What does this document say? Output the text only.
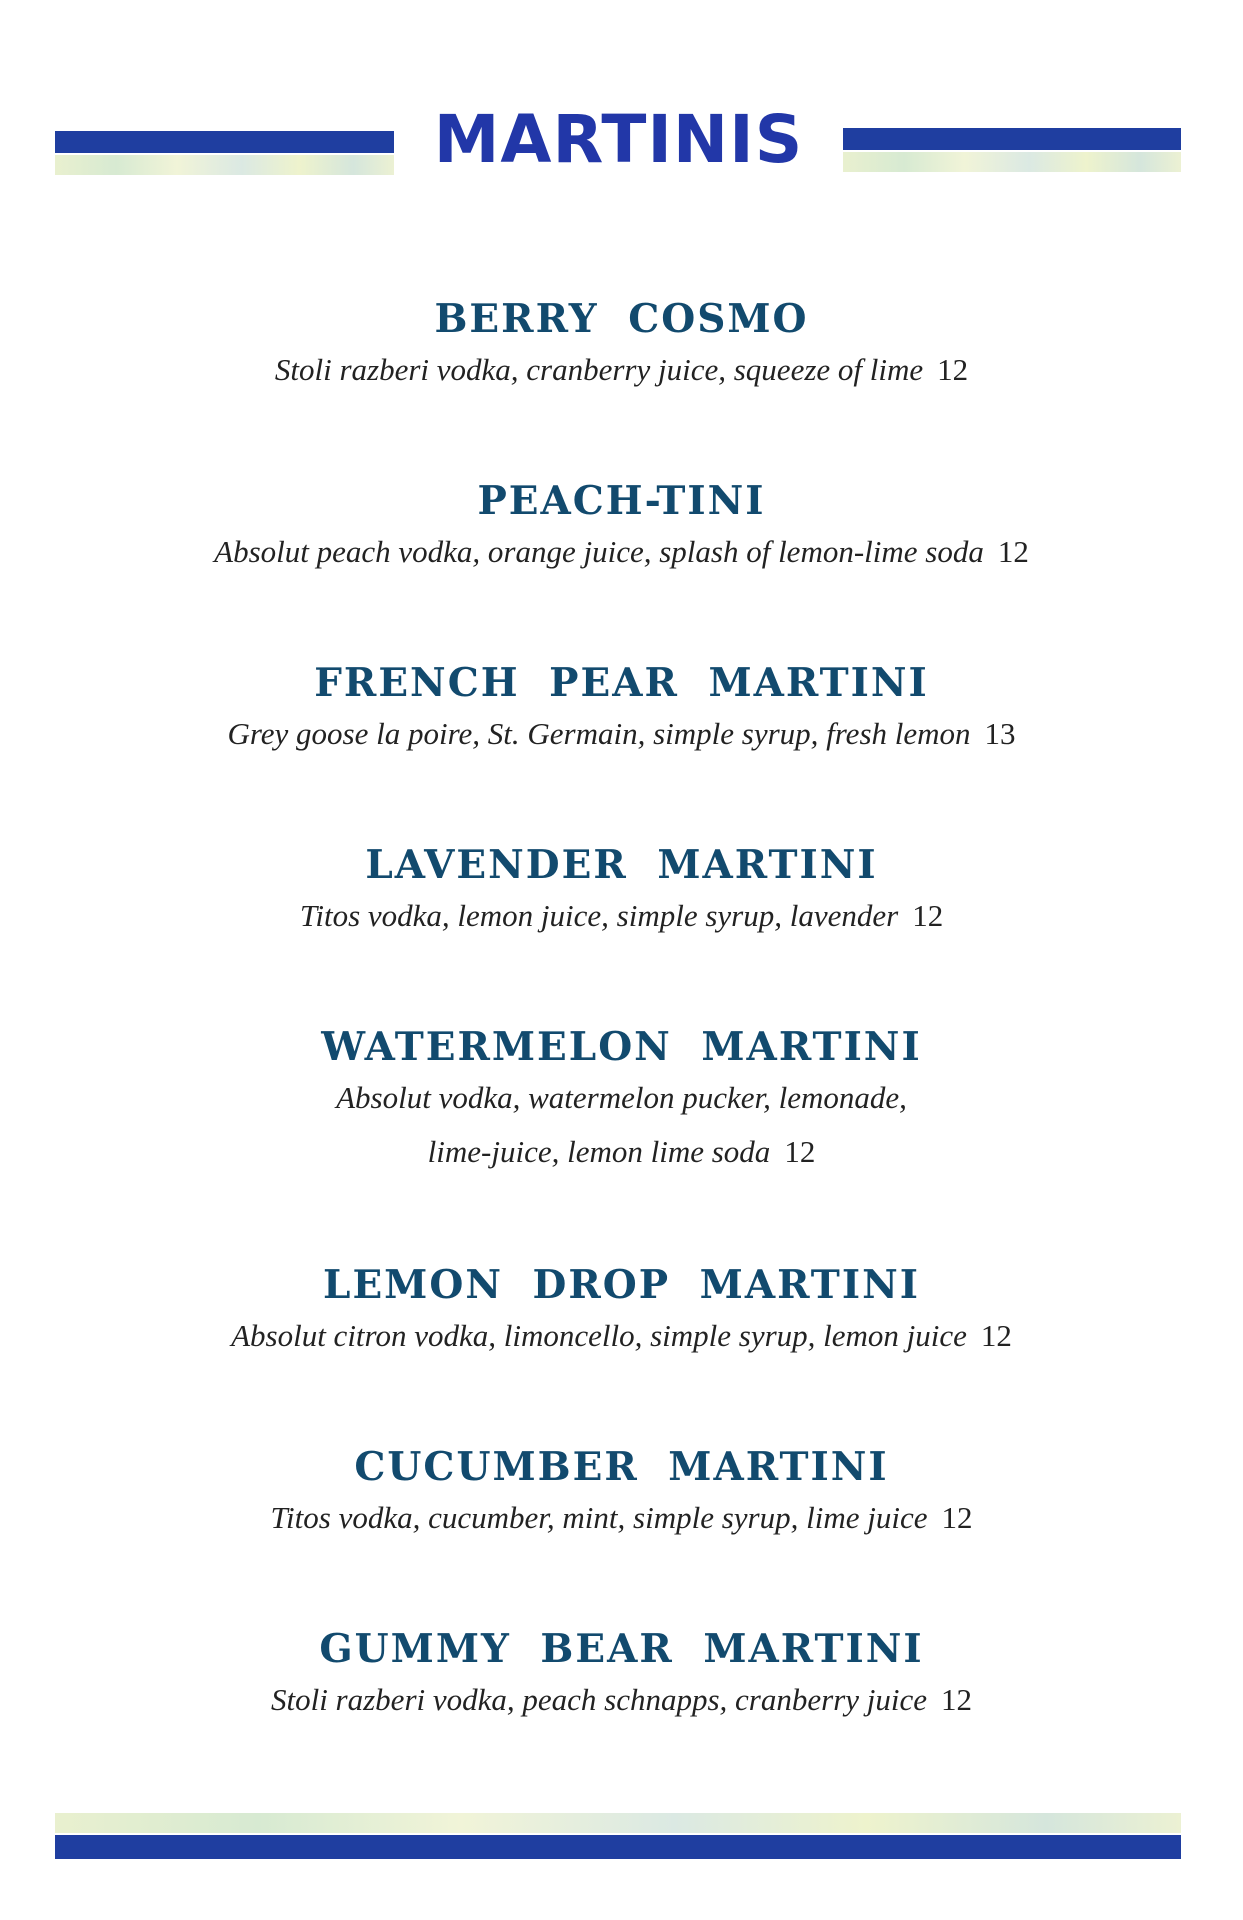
MARTINIS
BERRY COSMO
Stoli razberi vodka, cranberry juice, squeeze of lime 12
PEACH-TINI
Absolut peach vodka, orange juice, splash of lemon-lime soda 12
FRENCH PEAR MARTINI
Grey goose la poire, St. Germain, simple syrup, fresh lemon 13
LAVENDER MARTINI
Titos vodka, lemon juice, simple syrup, lavender 12
WATERMELON MARTINI
Absolut vodka, watermelon pucker, lemonade,
lime-juice, lemon lime soda 12
LEMON DROP MARTINI
Absolut citron vodka, limoncello, simple syrup, lemon juice 12
CUCUMBER MARTINI
Titos vodka, cucumber, mint, simple syrup, lime juice 12
GUMMY BEAR MARTINI
Stoli razberi vodka, peach schnapps, cranberry juice 12
